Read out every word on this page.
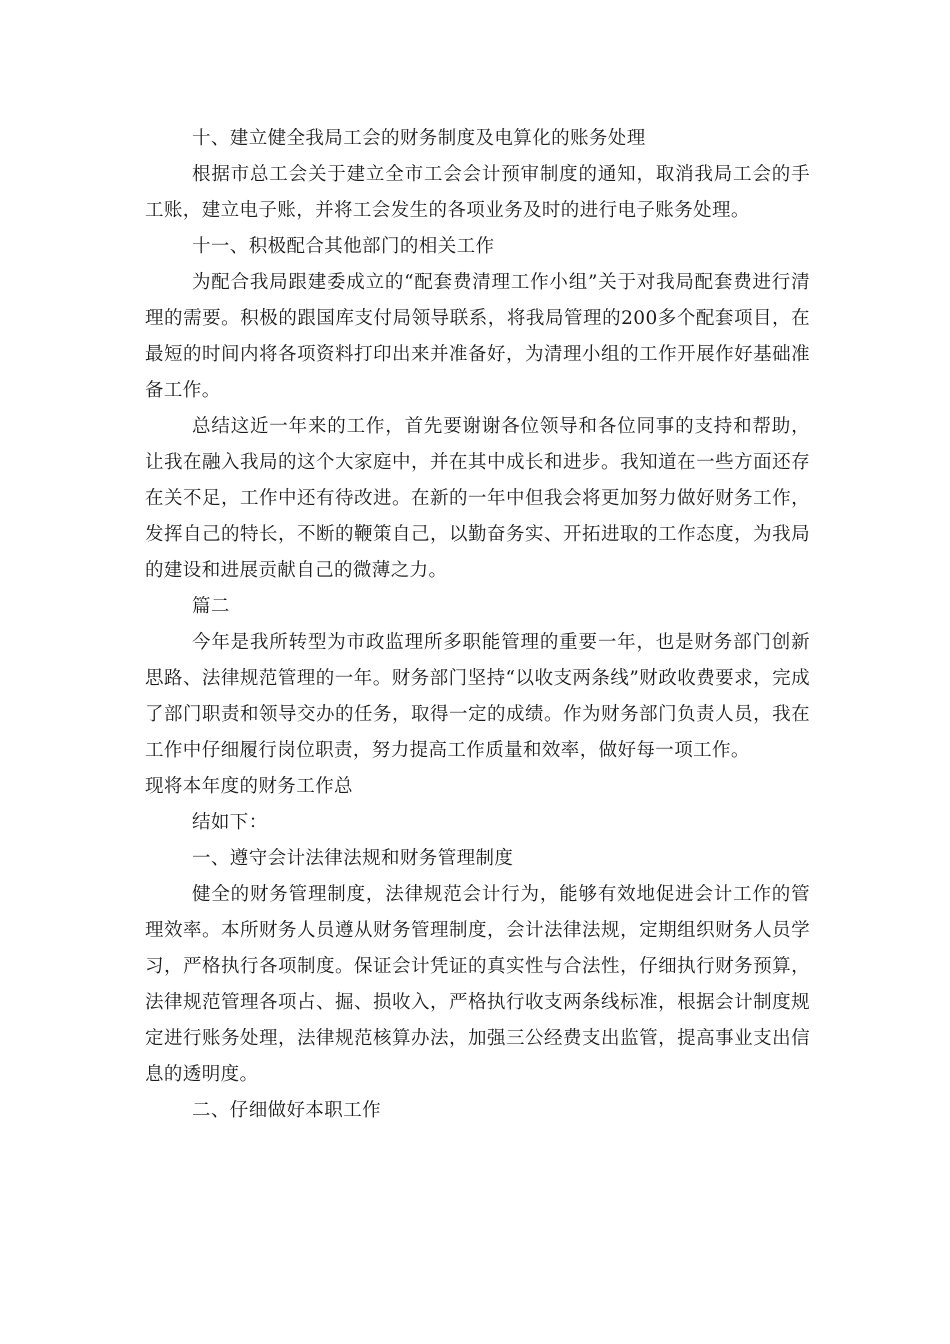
十、建立健全我局工会的财务制度及电算化的账务处理

根据市总工会关于建立全市工会会计预审制度的通知，取消我局工会的手工账，建立电子账，并将工会发生的各项业务及时的进行电子账务处理。

十一、积极配合其他部门的相关工作

为配合我局跟建委成立的“配套费清理工作小组”关于对我局配套费进行清理的需要。积极的跟国库支付局领导联系，将我局管理的200多个配套项目，在最短的时间内将各项资料打印出来并准备好，为清理小组的工作开展作好基础准备工作。

总结这近一年来的工作，首先要谢谢各位领导和各位同事的支持和帮助，让我在融入我局的这个大家庭中，并在其中成长和进步。我知道在一些方面还存在关不足，工作中还有待改进。在新的一年中但我会将更加努力做好财务工作，发挥自己的特长，不断的鞭策自己，以勤奋务实、开拓进取的工作态度，为我局的建设和进展贡献自己的微薄之力。

篇二

今年是我所转型为市政监理所多职能管理的重要一年，也是财务部门创新思路、法律规范管理的一年。财务部门坚持“以收支两条线”财政收费要求，完成了部门职责和领导交办的任务，取得一定的成绩。作为财务部门负责人员，我在工作中仔细履行岗位职责，努力提高工作质量和效率，做好每一项工作。

现将本年度的财务工作总

结如下：

一、遵守会计法律法规和财务管理制度

健全的财务管理制度，法律规范会计行为，能够有效地促进会计工作的管理效率。本所财务人员遵从财务管理制度，会计法律法规，定期组织财务人员学习，严格执行各项制度。保证会计凭证的真实性与合法性，仔细执行财务预算，法律规范管理各项占、掘、损收入，严格执行收支两条线标准，根据会计制度规定进行账务处理，法律规范核算办法，加强三公经费支出监管，提高事业支出信息的透明度。

二、仔细做好本职工作
